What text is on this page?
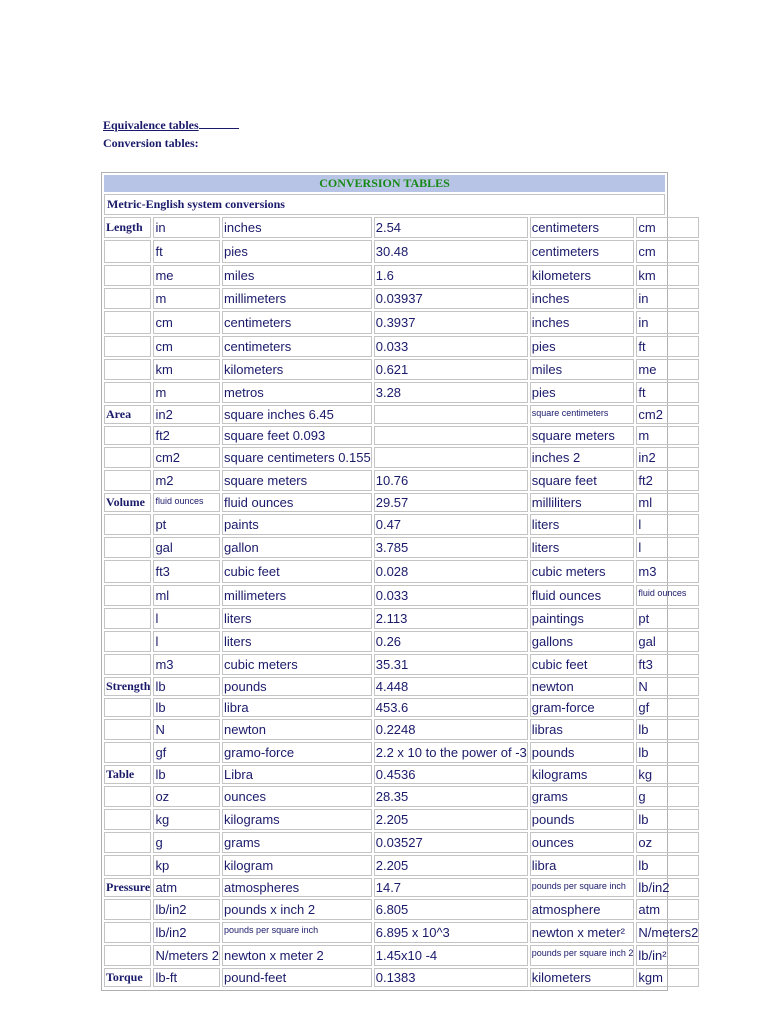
Equivalence tables
Conversion tables:
CONVERSION TABLES
Metric-English system conversions
Length	in	inches	2.54	centimeters	cm
	ft	pies	30.48	centimeters	cm
	me	miles	1.6	kilometers	km
	m	millimeters	0.03937	inches	in
	cm	centimeters	0.3937	inches	in
	cm	centimeters	0.033	pies	ft
	km	kilometers	0.621	miles	me
	m	metros	3.28	pies	ft
Area	in2	square inches 6.45		square centimeters	cm2
	ft2	square feet 0.093		square meters	m
	cm2	square centimeters 0.155		inches 2	in2
	m2	square meters	10.76	square feet	ft2
Volume	fluid ounces	fluid ounces	29.57	milliliters	ml
	pt	paints	0.47	liters	l
	gal	gallon	3.785	liters	l
	ft3	cubic feet	0.028	cubic meters	m3
	ml	millimeters	0.033	fluid ounces	fluid ounces
	l	liters	2.113	paintings	pt
	l	liters	0.26	gallons	gal
	m3	cubic meters	35.31	cubic feet	ft3
Strength	lb	pounds	4.448	newton	N
	lb	libra	453.6	gram-force	gf
	N	newton	0.2248	libras	lb
	gf	gramo-force	2.2 x 10 to the power of -3	pounds	lb
Table	lb	Libra	0.4536	kilograms	kg
	oz	ounces	28.35	grams	g
	kg	kilograms	2.205	pounds	lb
	g	grams	0.03527	ounces	oz
	kp	kilogram	2.205	libra	lb
Pressure	atm	atmospheres	14.7	pounds per square inch	lb/in2
	lb/in2	pounds x inch 2	6.805	atmosphere	atm
	lb/in2	pounds per square inch	6.895 x 10^3	newton x meter²	N/meters2
	N/meters 2	newton x meter 2	1.45x10 -4	pounds per square inch 2	lb/in²
Torque	lb-ft	pound-feet	0.1383	kilometers	kgm
